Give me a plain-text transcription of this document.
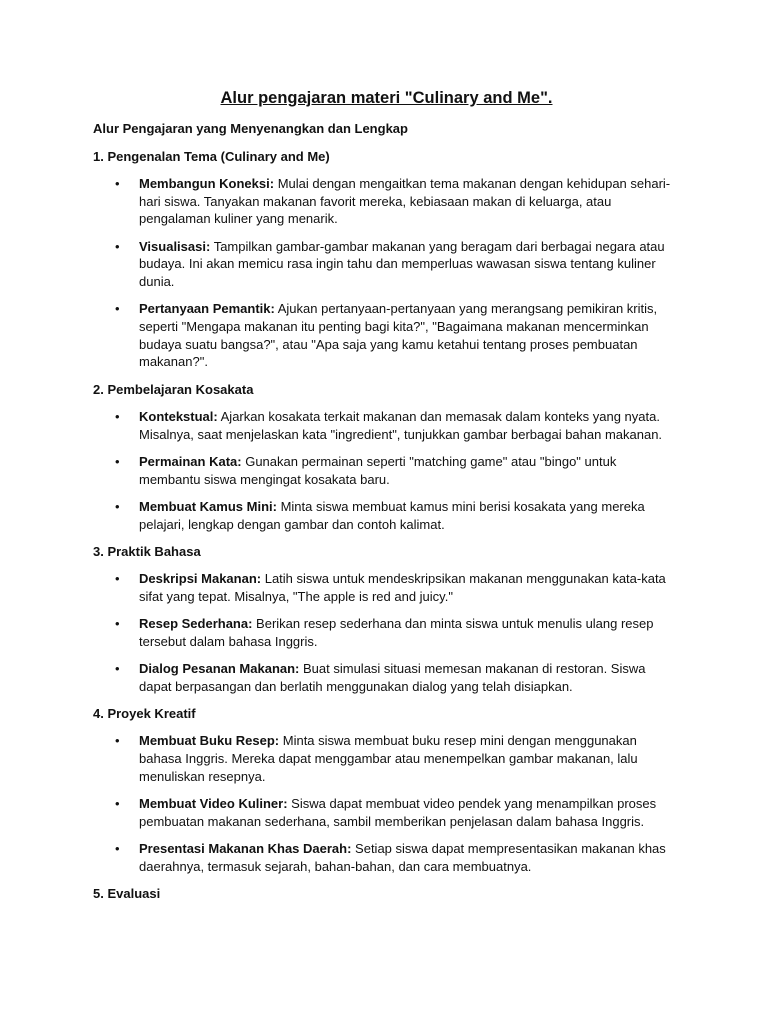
Alur pengajaran materi "Culinary and Me".
Alur Pengajaran yang Menyenangkan dan Lengkap
1. Pengenalan Tema (Culinary and Me)
• Membangun Koneksi: Mulai dengan mengaitkan tema makanan dengan kehidupan sehari-hari siswa. Tanyakan makanan favorit mereka, kebiasaan makan di keluarga, atau pengalaman kuliner yang menarik.
• Visualisasi: Tampilkan gambar-gambar makanan yang beragam dari berbagai negara atau budaya. Ini akan memicu rasa ingin tahu dan memperluas wawasan siswa tentang kuliner dunia.
• Pertanyaan Pemantik: Ajukan pertanyaan-pertanyaan yang merangsang pemikiran kritis, seperti "Mengapa makanan itu penting bagi kita?", "Bagaimana makanan mencerminkan budaya suatu bangsa?", atau "Apa saja yang kamu ketahui tentang proses pembuatan makanan?".
2. Pembelajaran Kosakata
• Kontekstual: Ajarkan kosakata terkait makanan dan memasak dalam konteks yang nyata. Misalnya, saat menjelaskan kata "ingredient", tunjukkan gambar berbagai bahan makanan.
• Permainan Kata: Gunakan permainan seperti "matching game" atau "bingo" untuk membantu siswa mengingat kosakata baru.
• Membuat Kamus Mini: Minta siswa membuat kamus mini berisi kosakata yang mereka pelajari, lengkap dengan gambar dan contoh kalimat.
3. Praktik Bahasa
• Deskripsi Makanan: Latih siswa untuk mendeskripsikan makanan menggunakan kata-kata sifat yang tepat. Misalnya, "The apple is red and juicy."
• Resep Sederhana: Berikan resep sederhana dan minta siswa untuk menulis ulang resep tersebut dalam bahasa Inggris.
• Dialog Pesanan Makanan: Buat simulasi situasi memesan makanan di restoran. Siswa dapat berpasangan dan berlatih menggunakan dialog yang telah disiapkan.
4. Proyek Kreatif
• Membuat Buku Resep: Minta siswa membuat buku resep mini dengan menggunakan bahasa Inggris. Mereka dapat menggambar atau menempelkan gambar makanan, lalu menuliskan resepnya.
• Membuat Video Kuliner: Siswa dapat membuat video pendek yang menampilkan proses pembuatan makanan sederhana, sambil memberikan penjelasan dalam bahasa Inggris.
• Presentasi Makanan Khas Daerah: Setiap siswa dapat mempresentasikan makanan khas daerahnya, termasuk sejarah, bahan-bahan, dan cara membuatnya.
5. Evaluasi
